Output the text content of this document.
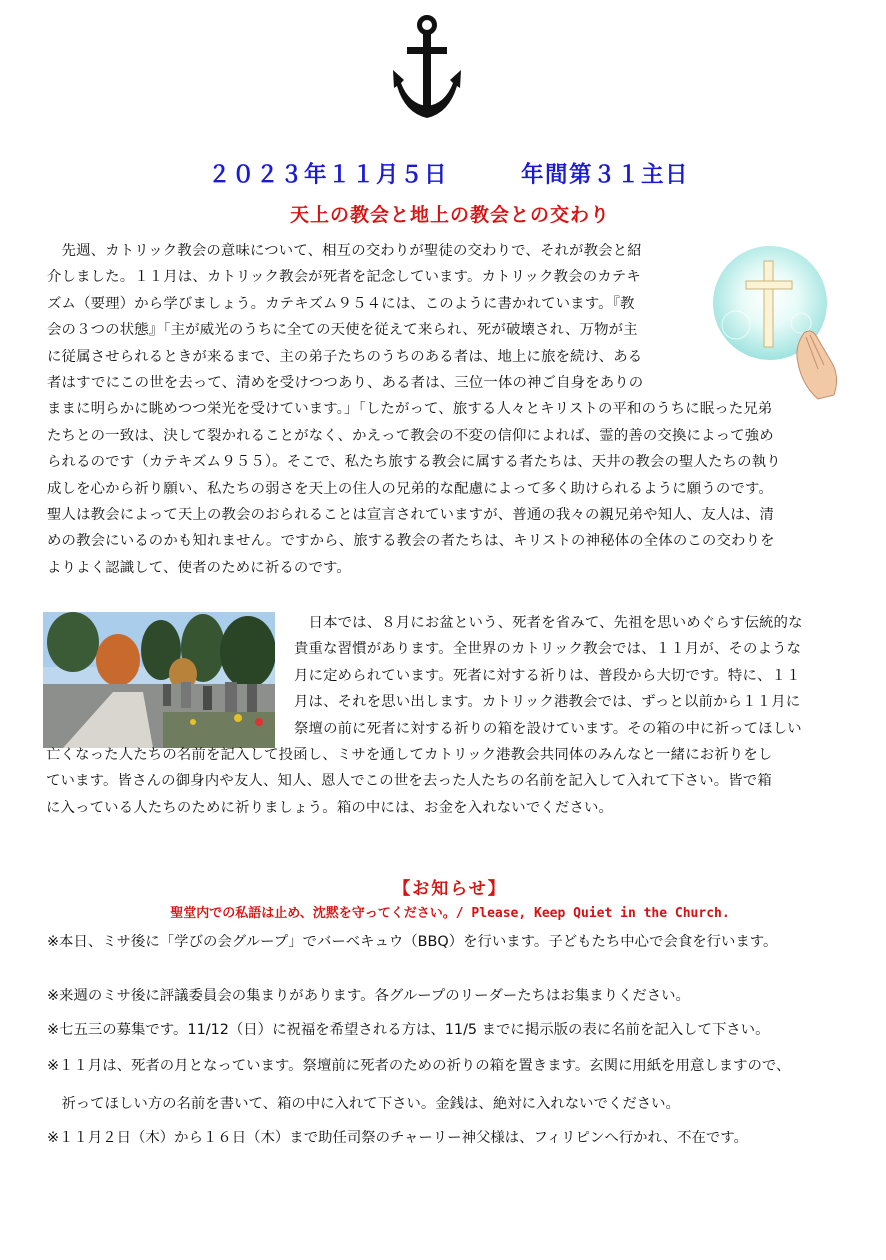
２０２３年１１月５日	年間第３１主日
天上の教会と地上の教会との交わり
　先週、カトリック教会の意味について、相互の交わりが聖徒の交わりで、それが教会と紹
介しました。１１月は、カトリック教会が死者を記念しています。カトリック教会のカテキ
ズム（要理）から学びましょう。カテキズム９５４には、このように書かれています。『教
会の３つの状態』「主が威光のうちに全ての天使を従えて来られ、死が破壊され、万物が主
に従属させられるときが来るまで、主の弟子たちのうちのある者は、地上に旅を続け、ある
者はすでにこの世を去って、清めを受けつつあり、ある者は、三位一体の神ご自身をありの
ままに明らかに眺めつつ栄光を受けています。」「したがって、旅する人々とキリストの平和のうちに眠った兄弟
たちとの一致は、決して裂かれることがなく、かえって教会の不変の信仰によれば、霊的善の交換によって強め
られるのです（カテキズム９５５）。そこで、私たち旅する教会に属する者たちは、天井の教会の聖人たちの執り
成しを心から祈り願い、私たちの弱さを天上の住人の兄弟的な配慮によって多く助けられるように願うのです。
聖人は教会によって天上の教会のおられることは宣言されていますが、普通の我々の親兄弟や知人、友人は、清
めの教会にいるのかも知れません。ですから、旅する教会の者たちは、キリストの神秘体の全体のこの交わりを
よりよく認識して、使者のために祈るのです。
　日本では、８月にお盆という、死者を省みて、先祖を思いめぐらす伝統的な
貴重な習慣があります。全世界のカトリック教会では、１１月が、そのような
月に定められています。死者に対する祈りは、普段から大切です。特に、１１
月は、それを思い出します。カトリック港教会では、ずっと以前から１１月に
祭壇の前に死者に対する祈りの箱を設けています。その箱の中に祈ってほしい
亡くなった人たちの名前を記入して投函し、ミサを通してカトリック港教会共同体のみんなと一緒にお祈りをし
ています。皆さんの御身内や友人、知人、恩人でこの世を去った人たちの名前を記入して入れて下さい。皆で箱
に入っている人たちのために祈りましょう。箱の中には、お金を入れないでください。
【お知らせ】
聖堂内での私語は止め、沈黙を守ってください。/ Please, Keep Quiet in the Church.
※本日、ミサ後に「学びの会グループ」でバーベキュウ（BBQ）を行います。子どもたち中心で会食を行います。
※来週のミサ後に評議委員会の集まりがあります。各グループのリーダーたちはお集まりください。
※七五三の募集です。11/12（日）に祝福を希望される方は、11/5 までに掲示版の表に名前を記入して下さい。
※１１月は、死者の月となっています。祭壇前に死者のための祈りの箱を置きます。玄関に用紙を用意しますので、
　祈ってほしい方の名前を書いて、箱の中に入れて下さい。金銭は、絶対に入れないでください。
※１１月２日（木）から１６日（木）まで助任司祭のチャーリー神父様は、フィリピンへ行かれ、不在です。
